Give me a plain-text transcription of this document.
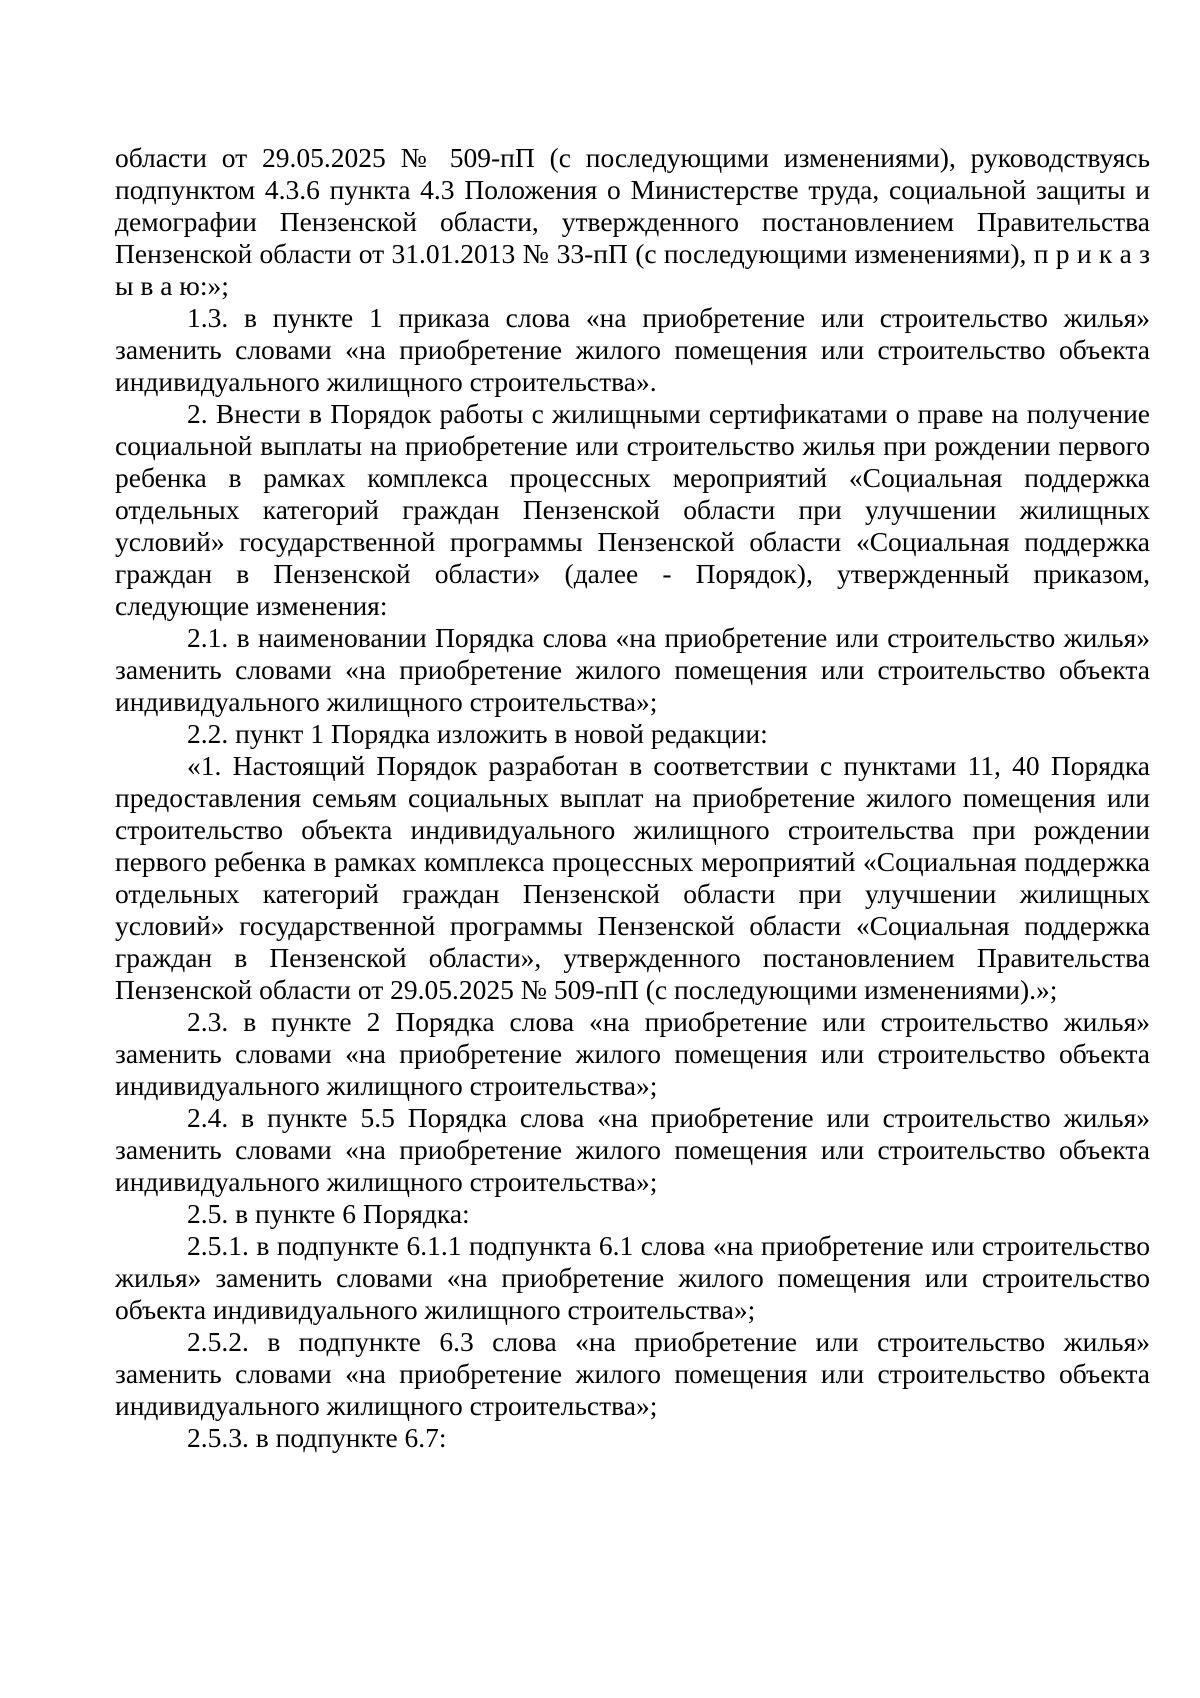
области от 29.05.2025 № 509-пП (с последующими изменениями), руководствуясь подпунктом 4.3.6 пункта 4.3 Положения о Министерстве труда, социальной защиты и демографии Пензенской области, утвержденного постановлением Правительства Пензенской области от 31.01.2013 № 33-пП (с последующими изменениями), п р и к а з ы в а ю:»;

1.3. в пункте 1 приказа слова «на приобретение или строительство жилья» заменить словами «на приобретение жилого помещения или строительство объекта индивидуального жилищного строительства».

2. Внести в Порядок работы с жилищными сертификатами о праве на получение социальной выплаты на приобретение или строительство жилья при рождении первого ребенка в рамках комплекса процессных мероприятий «Социальная поддержка отдельных категорий граждан Пензенской области при улучшении жилищных условий» государственной программы Пензенской области «Социальная поддержка граждан в Пензенской области» (далее - Порядок), утвержденный приказом, следующие изменения:

2.1. в наименовании Порядка слова «на приобретение или строительство жилья» заменить словами «на приобретение жилого помещения или строительство объекта индивидуального жилищного строительства»;

2.2. пункт 1 Порядка изложить в новой редакции:

«1. Настоящий Порядок разработан в соответствии с пунктами 11, 40 Порядка предоставления семьям социальных выплат на приобретение жилого помещения или строительство объекта индивидуального жилищного строительства при рождении первого ребенка в рамках комплекса процессных мероприятий «Социальная поддержка отдельных категорий граждан Пензенской области при улучшении жилищных условий» государственной программы Пензенской области «Социальная поддержка граждан в Пензенской области», утвержденного постановлением Правительства Пензенской области от 29.05.2025 № 509-пП (с последующими изменениями).»;

2.3. в пункте 2 Порядка слова «на приобретение или строительство жилья» заменить словами «на приобретение жилого помещения или строительство объекта индивидуального жилищного строительства»;

2.4. в пункте 5.5 Порядка слова «на приобретение или строительство жилья» заменить словами «на приобретение жилого помещения или строительство объекта индивидуального жилищного строительства»;

2.5. в пункте 6 Порядка:

2.5.1. в подпункте 6.1.1 подпункта 6.1 слова «на приобретение или строительство жилья» заменить словами «на приобретение жилого помещения или строительство объекта индивидуального жилищного строительства»;

2.5.2. в подпункте 6.3 слова «на приобретение или строительство жилья» заменить словами «на приобретение жилого помещения или строительство объекта индивидуального жилищного строительства»;

2.5.3. в подпункте 6.7:
